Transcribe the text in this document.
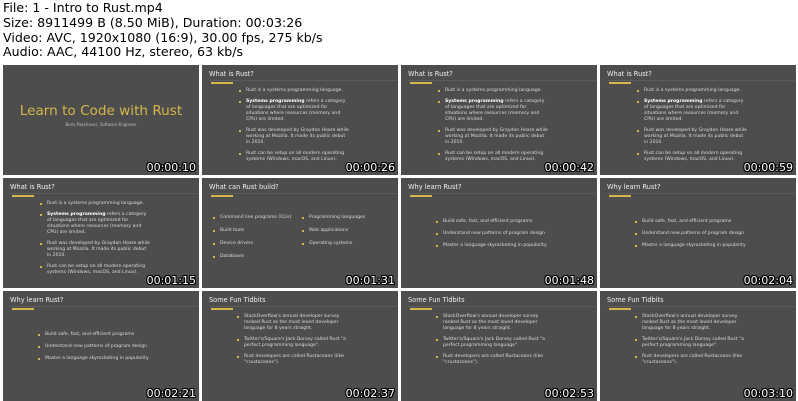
File: 1 - Intro to Rust.mp4
Size: 8911499 B (8.50 MiB), Duration: 00:03:26
Video: AVC, 1920x1080 (16:9), 30.00 fps, 275 kb/s
Audio: AAC, 44100 Hz, stereo, 63 kb/s
Learn to Code with Rust
Boris Paskhaver, Software Engineer
00:00:10
What is Rust?
Rust is a systems programming language.
Systems programming refers a category of languages that are optimized for situations where resources (memory and CPU) are limited.
Rust was developed by Graydon Hoare while working at Mozilla. It made its public debut in 2010.
Rust can be setup on all modern operating systems (Windows, macOS, and Linux).
00:00:26
What is Rust?
Rust is a systems programming language.
Systems programming refers a category of languages that are optimized for situations where resources (memory and CPU) are limited.
Rust was developed by Graydon Hoare while working at Mozilla. It made its public debut in 2010.
Rust can be setup on all modern operating systems (Windows, macOS, and Linux).
00:00:42
What is Rust?
Rust is a systems programming language.
Systems programming refers a category of languages that are optimized for situations where resources (memory and CPU) are limited.
Rust was developed by Graydon Hoare while working at Mozilla. It made its public debut in 2010.
Rust can be setup on all modern operating systems (Windows, macOS, and Linux).
00:00:59
What is Rust?
Rust is a systems programming language.
Systems programming refers a category of languages that are optimized for situations where resources (memory and CPU) are limited.
Rust was developed by Graydon Hoare while working at Mozilla. It made its public debut in 2010.
Rust can be setup on all modern operating systems (Windows, macOS, and Linux).
00:01:15
What can Rust build?
Command line programs (CLIs)
Build tools
Device drivers
Databases
Programming languages
Web applications
Operating systems
00:01:31
Why learn Rust?
Build safe, fast, and efficient programs
Understand new patterns of program design
Master a language skyrocketing in popularity
00:01:48
Why learn Rust?
Build safe, fast, and efficient programs
Understand new patterns of program design
Master a language skyrocketing in popularity
00:02:04
Why learn Rust?
Build safe, fast, and efficient programs
Understand new patterns of program design
Master a language skyrocketing in popularity
00:02:21
Some Fun Tidbits
StackOverflow's annual developer survey ranked Rust as the most loved developer language for 8 years straight.
Twitter's/Square's Jack Dorsey called Rust "a perfect programming language".
Rust developers are called Rustaceans (like "crustaceans").
00:02:37
Some Fun Tidbits
StackOverflow's annual developer survey ranked Rust as the most loved developer language for 8 years straight.
Twitter's/Square's Jack Dorsey called Rust "a perfect programming language".
Rust developers are called Rustaceans (like "crustaceans").
00:02:53
Some Fun Tidbits
StackOverflow's annual developer survey ranked Rust as the most loved developer language for 8 years straight.
Twitter's/Square's Jack Dorsey called Rust "a perfect programming language".
Rust developers are called Rustaceans (like "crustaceans").
00:03:10
